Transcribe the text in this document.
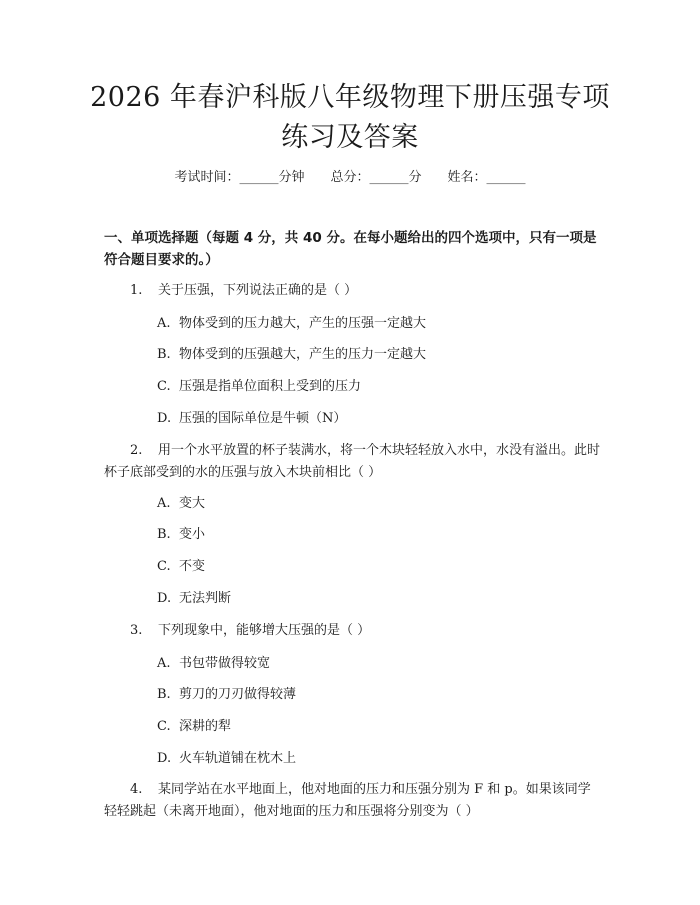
2026 年春沪科版八年级物理下册压强专项练习及答案
考试时间：______分钟 总分：______分 姓名：______
一、单项选择题（每题 4 分，共 40 分。在每小题给出的四个选项中，只有一项是符合题目要求的。）
1. 关于压强，下列说法正确的是（ ）
A. 物体受到的压力越大，产生的压强一定越大
B. 物体受到的压强越大，产生的压力一定越大
C. 压强是指单位面积上受到的压力
D. 压强的国际单位是牛顿（N）
2. 用一个水平放置的杯子装满水，将一个木块轻轻放入水中，水没有溢出。此时杯子底部受到的水的压强与放入木块前相比（ ）
A. 变大
B. 变小
C. 不变
D. 无法判断
3. 下列现象中，能够增大压强的是（ ）
A. 书包带做得较宽
B. 剪刀的刀刃做得较薄
C. 深耕的犁
D. 火车轨道铺在枕木上
4. 某同学站在水平地面上，他对地面的压力和压强分别为 F 和 p。如果该同学轻轻跳起（未离开地面），他对地面的压力和压强将分别变为（ ）
